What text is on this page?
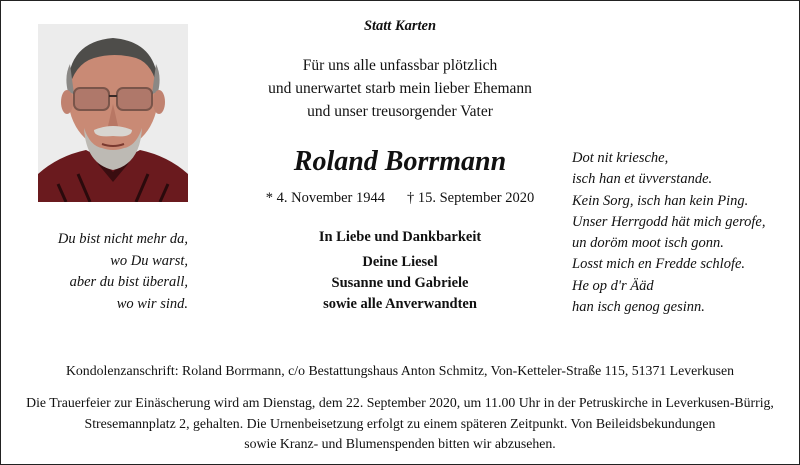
Statt Karten
Für uns alle unfassbar plötzlich
und unerwartet starb mein lieber Ehemann
und unser treusorgender Vater
Roland Borrmann
* 4. November 1944 † 15. September 2020
In Liebe und Dankbarkeit
Deine Liesel
Susanne und Gabriele
sowie alle Anverwandten
Du bist nicht mehr da,
wo Du warst,
aber du bist überall,
wo wir sind.
Dot nit kriesche,
isch han et üvverstande.
Kein Sorg, isch han kein Ping.
Unser Herrgodd hät mich gerofe,
un doröm moot isch gonn.
Losst mich en Fredde schlofe.
He op d'r Ääd
han isch genog gesinn.
Kondolenzanschrift: Roland Borrmann, c/o Bestattungshaus Anton Schmitz, Von-Ketteler-Straße 115, 51371 Leverkusen
Die Trauerfeier zur Einäscherung wird am Dienstag, dem 22. September 2020, um 11.00 Uhr in der Petruskirche in Leverkusen-Bürrig,
Stresemannplatz 2, gehalten. Die Urnenbeisetzung erfolgt zu einem späteren Zeitpunkt. Von Beileidsbekundungen
sowie Kranz- und Blumenspenden bitten wir abzusehen.
